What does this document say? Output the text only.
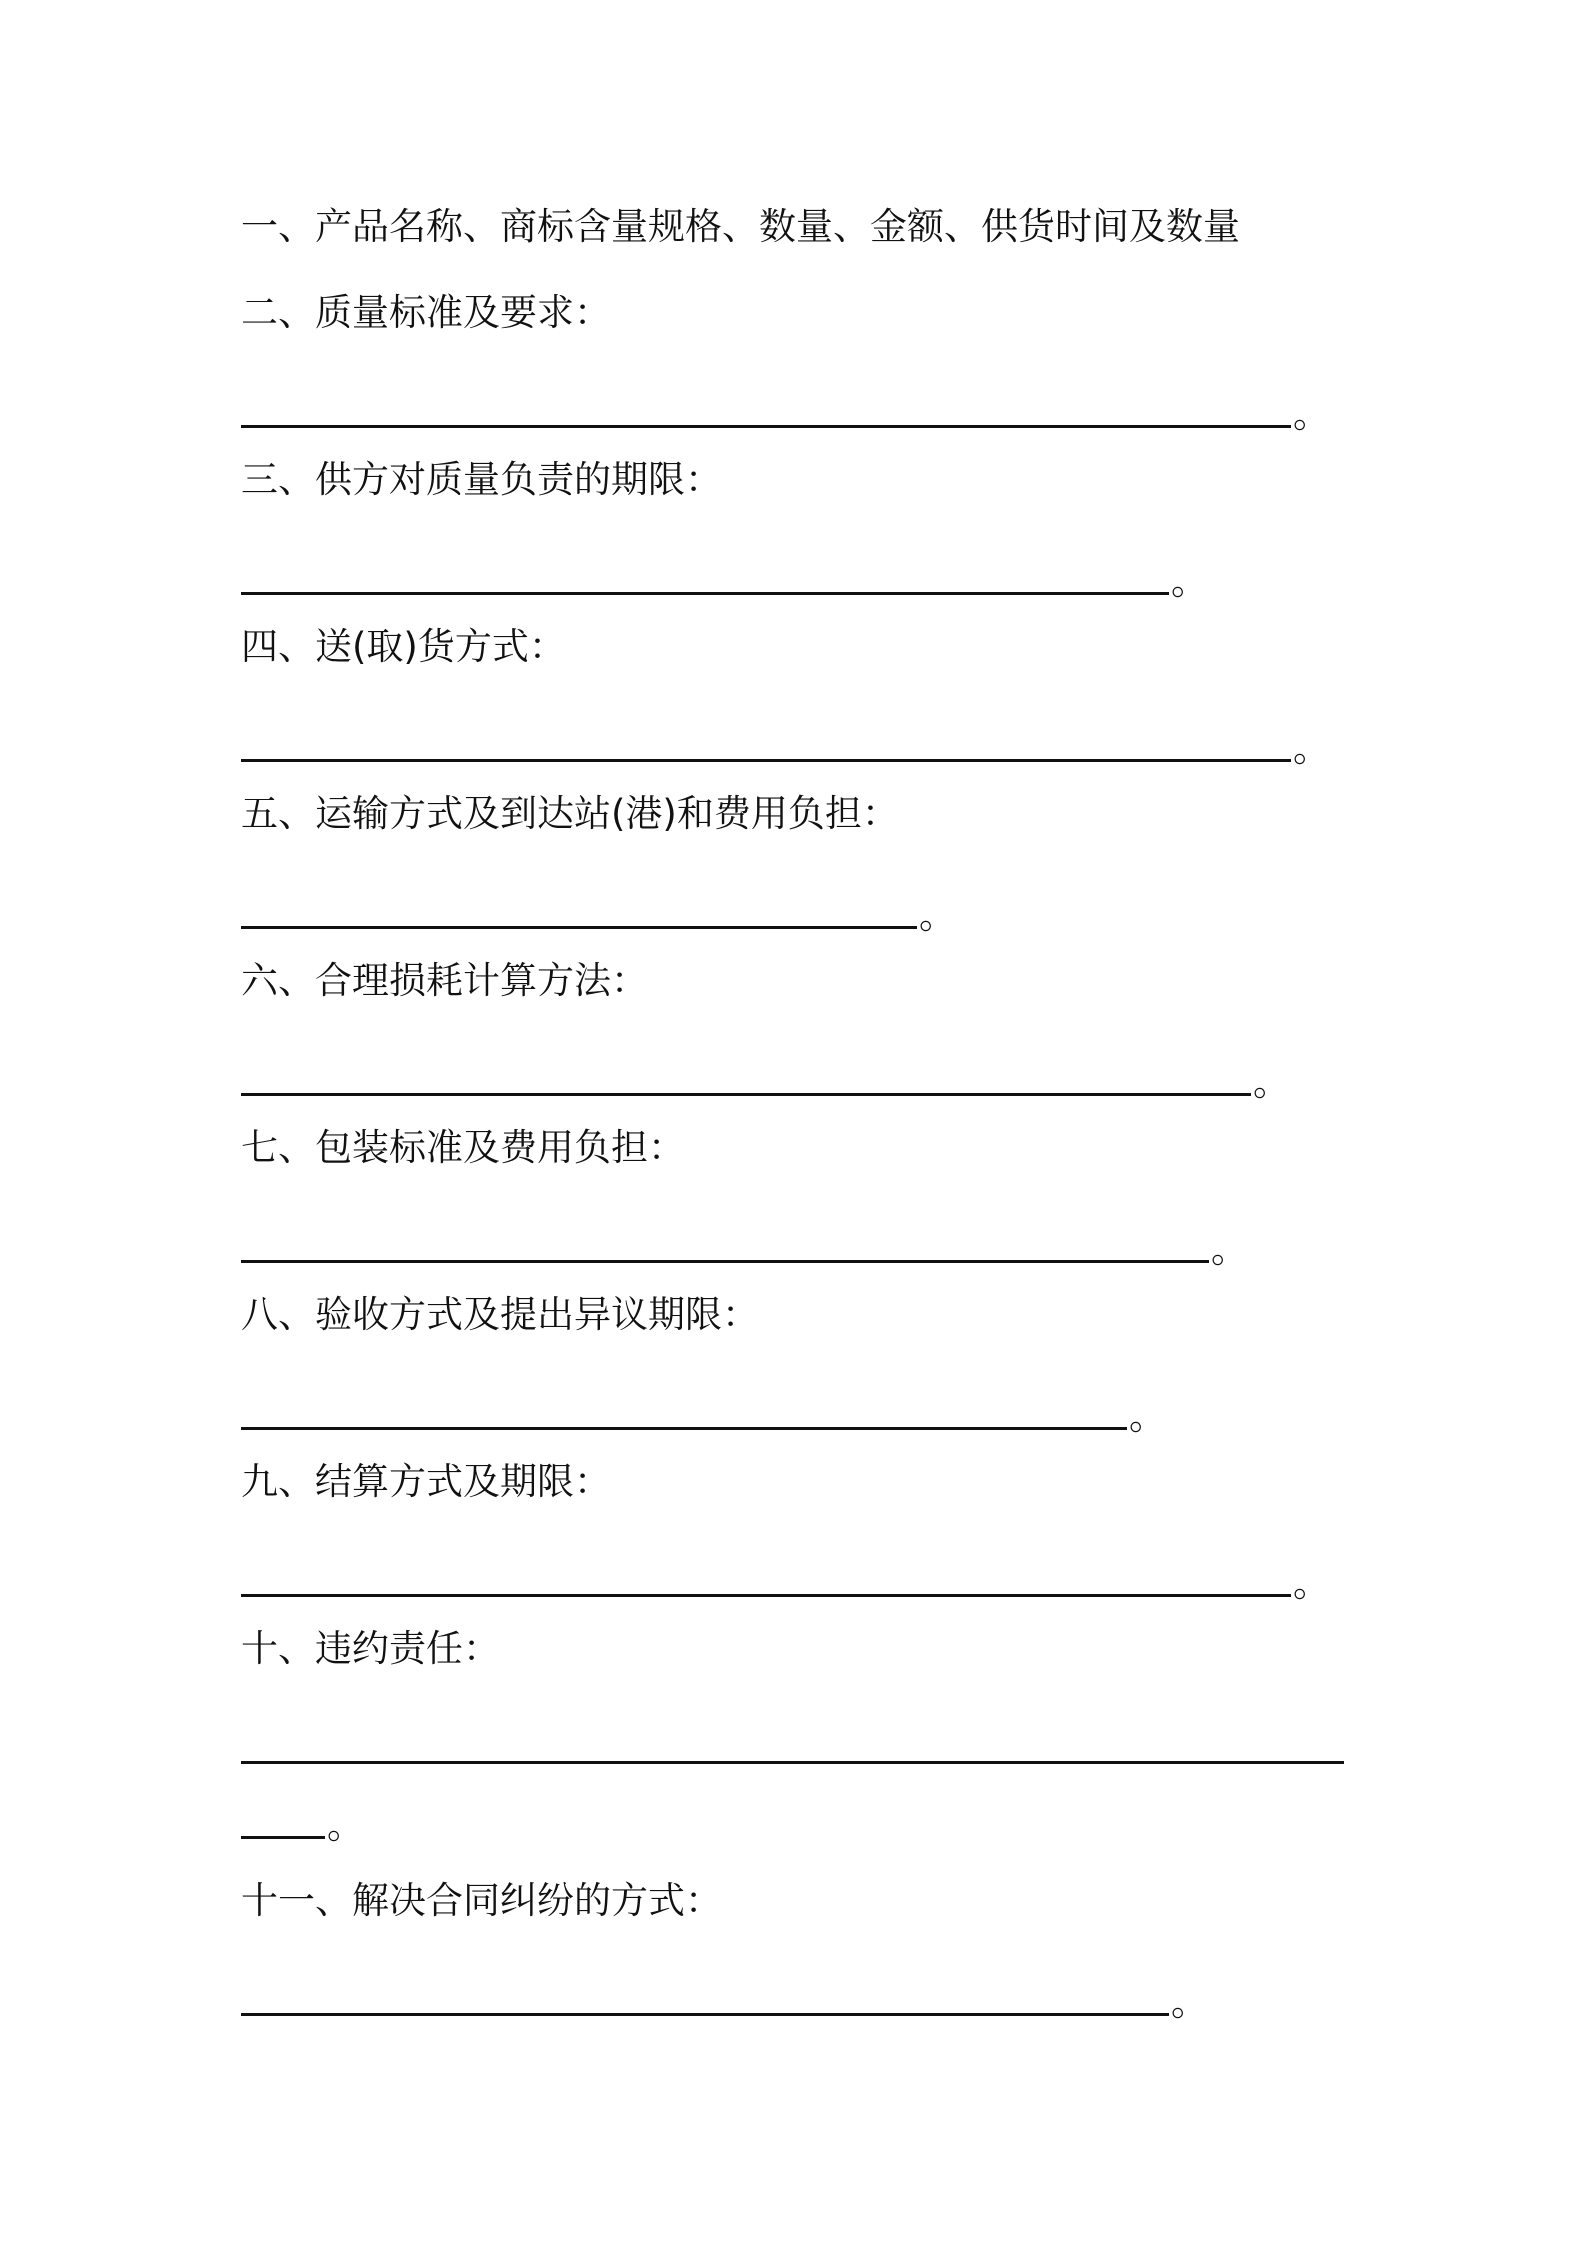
一、产品名称、商标含量规格、数量、金额、供货时间及数量
二、质量标准及要求：
。
三、供方对质量负责的期限：
。
四、送(取)货方式：
。
五、运输方式及到达站(港)和费用负担：
。
六、合理损耗计算方法：
。
七、包装标准及费用负担：
。
八、验收方式及提出异议期限：
。
九、结算方式及期限：
。
十、违约责任：
。
十一、解决合同纠纷的方式：
。
